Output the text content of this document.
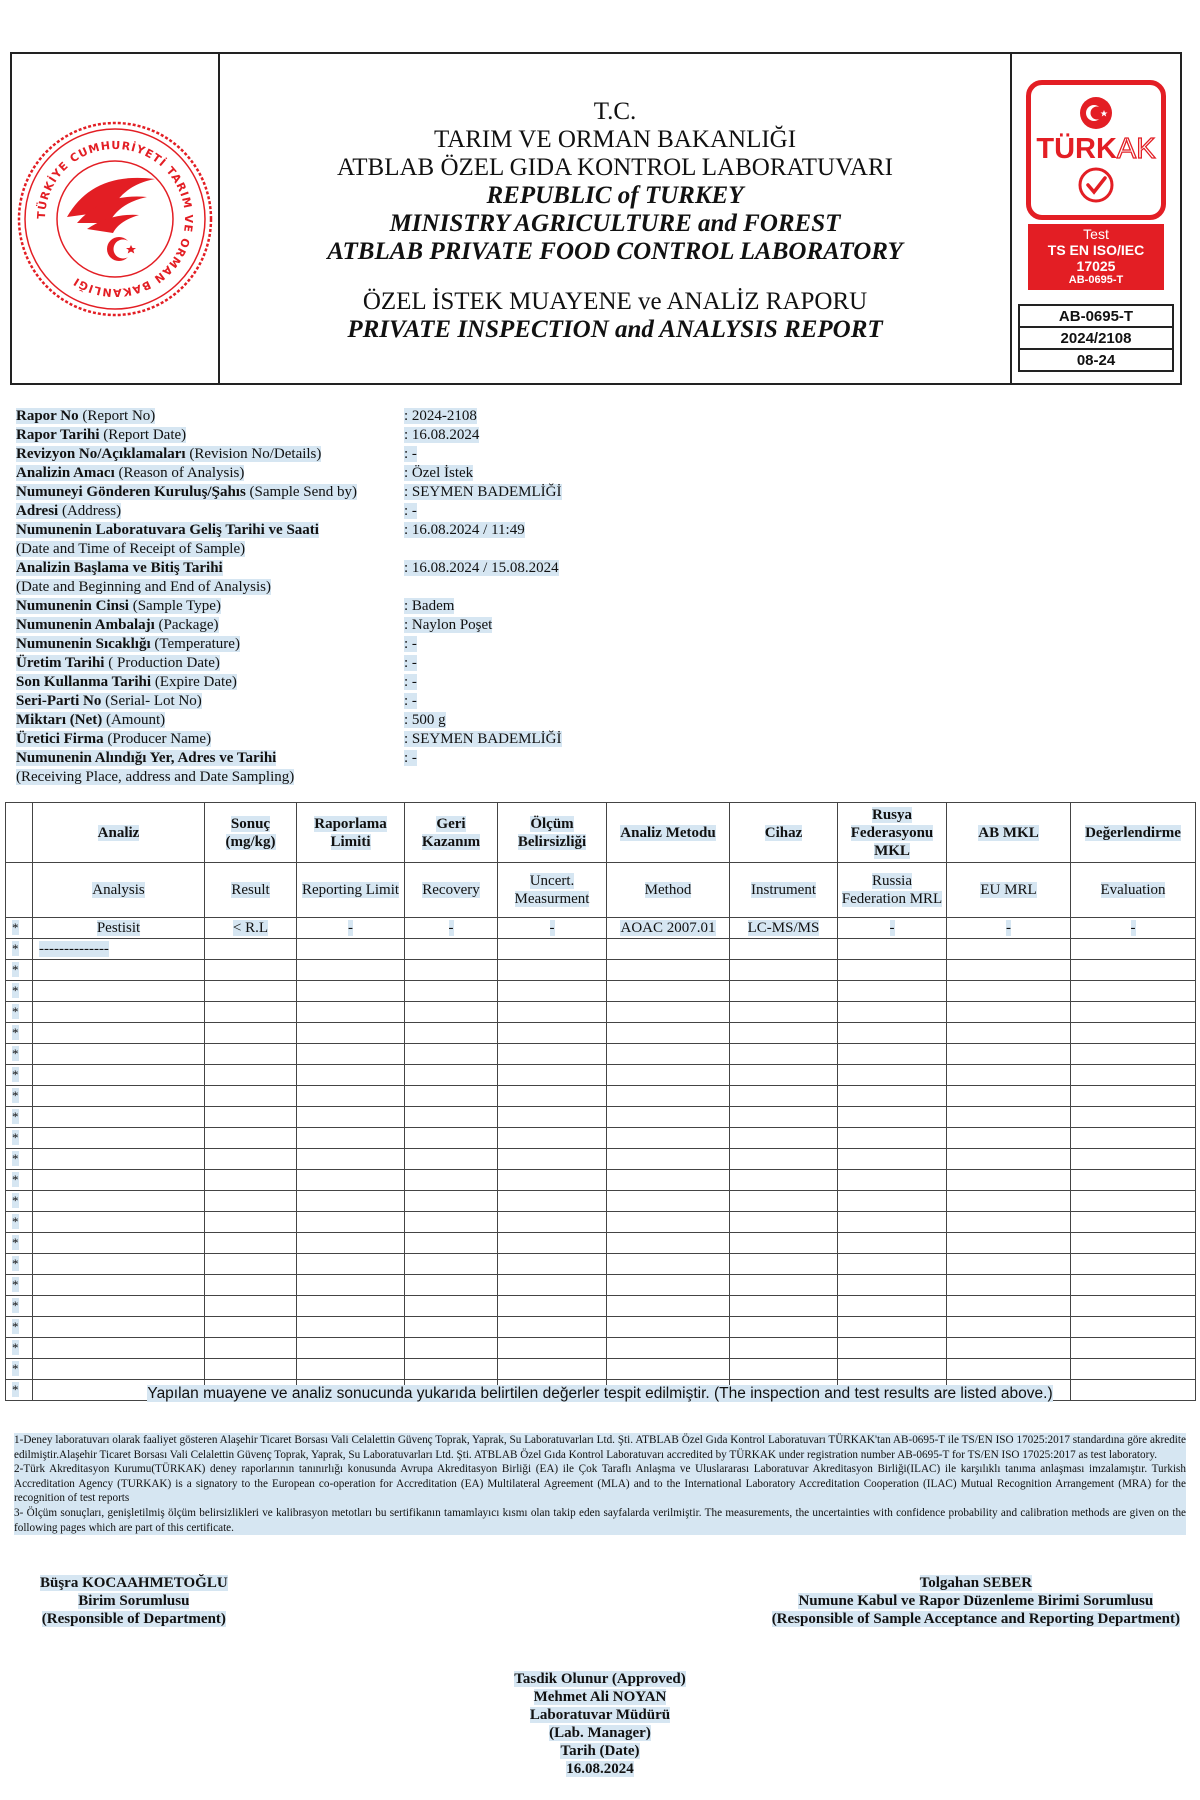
TÜRKİYE CUMHURİYETİ TARIM VE ORMAN BAKANLIĞI
T.C.
TARIM VE ORMAN BAKANLIĞI
ATBLAB ÖZEL GIDA KONTROL LABORATUVARI
REPUBLIC of TURKEY
MINISTRY AGRICULTURE and FOREST
ATBLAB PRIVATE FOOD CONTROL LABORATORY
ÖZEL İSTEK MUAYENE ve ANALİZ RAPORU
PRIVATE INSPECTION and ANALYSIS REPORT
TÜRKAK
Test
TS EN ISO/IEC 17025
AB-0695-T
AB-0695-T
2024/2108
08-24
Rapor No (Report No)	: 2024-2108
Rapor Tarihi (Report Date)	: 16.08.2024
Revizyon No/Açıklamaları (Revision No/Details)	: -
Analizin Amacı (Reason of Analysis)	: Özel İstek
Numuneyi Gönderen Kuruluş/Şahıs (Sample Send by)	: SEYMEN BADEMLİĞİ
Adresi (Address)	: -
Numunenin Laboratuvara Geliş Tarihi ve Saati	: 16.08.2024 / 11:49
(Date and Time of Receipt of Sample)
Analizin Başlama ve Bitiş Tarihi	: 16.08.2024 / 15.08.2024
(Date and Beginning and End of Analysis)
Numunenin Cinsi (Sample Type)	: Badem
Numunenin Ambalajı (Package)	: Naylon Poşet
Numunenin Sıcaklığı (Temperature)	: -
Üretim Tarihi ( Production Date)	: -
Son Kullanma Tarihi (Expire Date)	: -
Seri-Parti No (Serial- Lot No)	: -
Miktarı (Net) (Amount)	: 500 g
Üretici Firma (Producer Name)	: SEYMEN BADEMLİĞİ
Numunenin Alındığı Yer, Adres ve Tarihi	: -
(Receiving Place, address and Date Sampling)
	Analiz	Sonuç (mg/kg)	Raporlama Limiti	Geri Kazanım	Ölçüm Belirsizliği	Analiz Metodu	Cihaz	Rusya Federasyonu MKL	AB MKL	Değerlendirme
	Analysis	Result	Reporting Limit	Recovery	Uncert. Measurment	Method	Instrument	Russia Federation MRL	EU MRL	Evaluation
*	Pestisit	< R.L	-	-	-	AOAC 2007.01	LC-MS/MS	-	-	-
*	--------------									
*										
*										
*										
*										
*										
*										
*										
*										
*										
*										
*										
*										
*										
*										
*										
*										
*										
*										
*										
*										
*											Yapılan muayene ve analiz sonucunda yukarıda belirtilen değerler tespit edilmiştir. (The inspection and test results are listed above.)
1-Deney laboratuvarı olarak faaliyet gösteren Alaşehir Ticaret Borsası Vali Celalettin Güvenç Toprak, Yaprak, Su Laboratuvarları Ltd. Şti. ATBLAB Özel Gıda Kontrol Laboratuvarı TÜRKAK'tan AB-0695-T ile TS/EN ISO 17025:2017 standardına göre akredite edilmiştir.Alaşehir Ticaret Borsası Vali Celalettin Güvenç Toprak, Yaprak, Su Laboratuvarları Ltd. Şti. ATBLAB Özel Gıda Kontrol Laboratuvarı accredited by TÜRKAK under registration number AB-0695-T for TS/EN ISO 17025:2017 as test laboratory.
2-Türk Akreditasyon Kurumu(TÜRKAK) deney raporlarının tanınırlığı konusunda Avrupa Akreditasyon Birliği (EA) ile Çok Taraflı Anlaşma ve Uluslararası Laboratuvar Akreditasyon Birliği(ILAC) ile karşılıklı tanıma anlaşması imzalamıştır. Turkish Accreditation Agency (TURKAK) is a signatory to the European co-operation for Accreditation (EA) Multilateral Agreement (MLA) and to the International Laboratory Accreditation Cooperation (ILAC) Mutual Recognition Arrangement (MRA) for the recognition of test reports
3- Ölçüm sonuçları, genişletilmiş ölçüm belirsizlikleri ve kalibrasyon metotları bu sertifikanın tamamlayıcı kısmı olan takip eden sayfalarda verilmiştir. The measurements, the uncertainties with confidence probability and calibration methods are given on the following pages which are part of this certificate.
Büşra KOCAAHMETOĞLU
Birim Sorumlusu
(Responsible of Department)
Tolgahan SEBER
Numune Kabul ve Rapor Düzenleme Birimi Sorumlusu
(Responsible of Sample Acceptance and Reporting Department)
Tasdik Olunur (Approved)
Mehmet Ali NOYAN
Laboratuvar Müdürü
(Lab. Manager)
Tarih (Date)
16.08.2024
